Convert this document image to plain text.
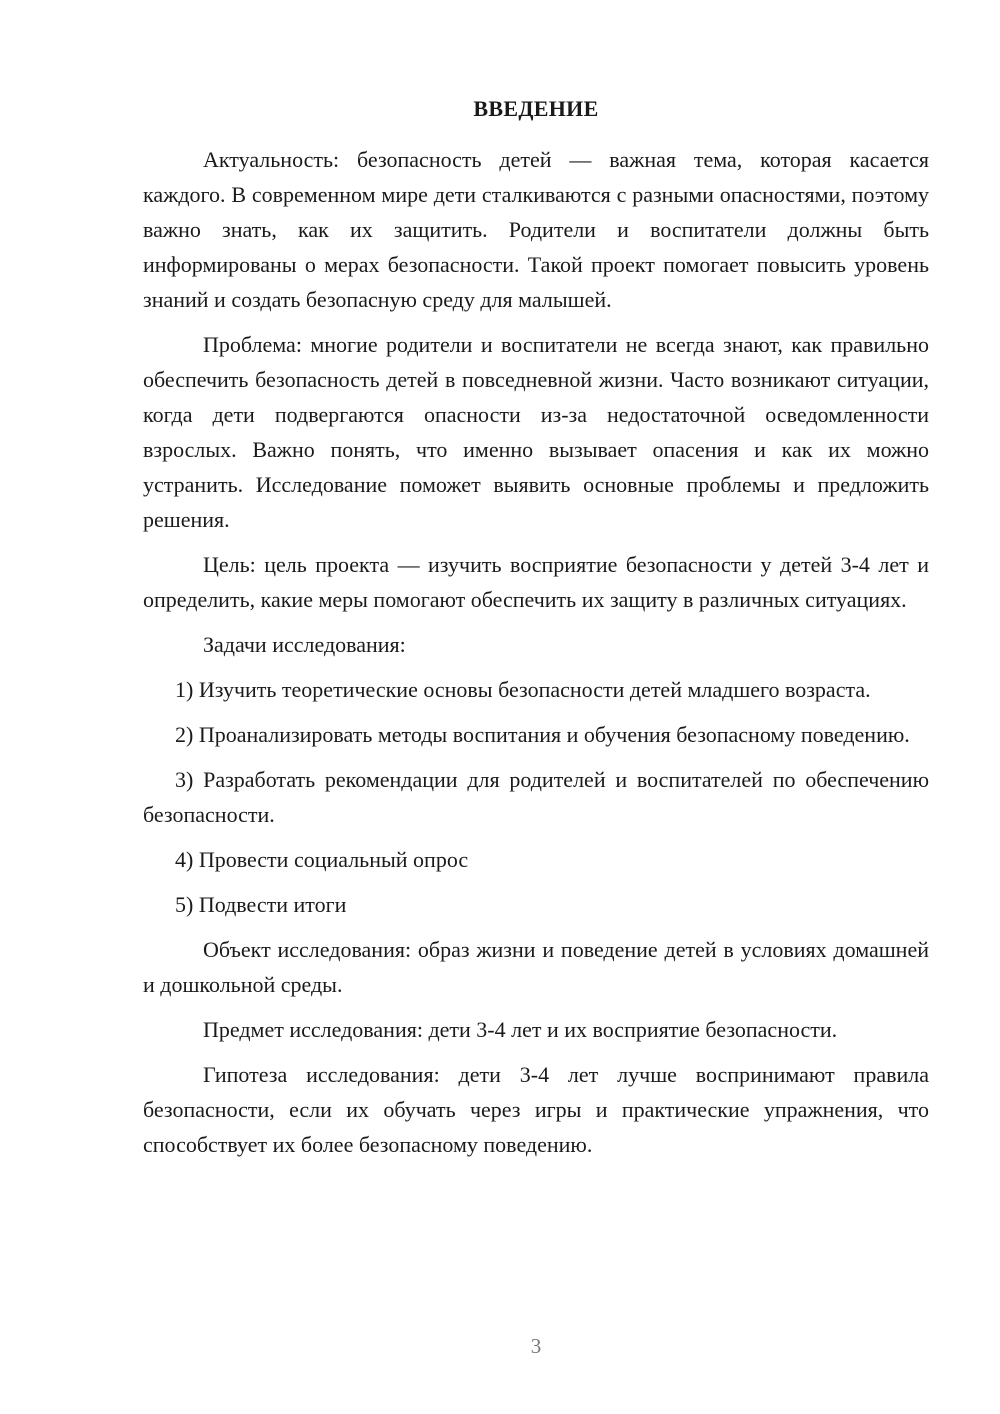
ВВЕДЕНИЕ

Актуальность: безопасность детей — важная тема, которая касается каждого. В современном мире дети сталкиваются с разными опасностями, поэтому важно знать, как их защитить. Родители и воспитатели должны быть информированы о мерах безопасности. Такой проект помогает повысить уровень знаний и создать безопасную среду для малышей.

Проблема: многие родители и воспитатели не всегда знают, как правильно обеспечить безопасность детей в повседневной жизни. Часто возникают ситуации, когда дети подвергаются опасности из-за недостаточной осведомленности взрослых. Важно понять, что именно вызывает опасения и как их можно устранить. Исследование поможет выявить основные проблемы и предложить решения.

Цель: цель проекта — изучить восприятие безопасности у детей 3-4 лет и определить, какие меры помогают обеспечить их защиту в различных ситуациях.

Задачи исследования:

1) Изучить теоретические основы безопасности детей младшего возраста.

2) Проанализировать методы воспитания и обучения безопасному поведению.

3) Разработать рекомендации для родителей и воспитателей по обеспечению безопасности.

4) Провести социальный опрос

5) Подвести итоги

Объект исследования: образ жизни и поведение детей в условиях домашней и дошкольной среды.

Предмет исследования: дети 3-4 лет и их восприятие безопасности.

Гипотеза исследования: дети 3-4 лет лучше воспринимают правила безопасности, если их обучать через игры и практические упражнения, что способствует их более безопасному поведению.

3
